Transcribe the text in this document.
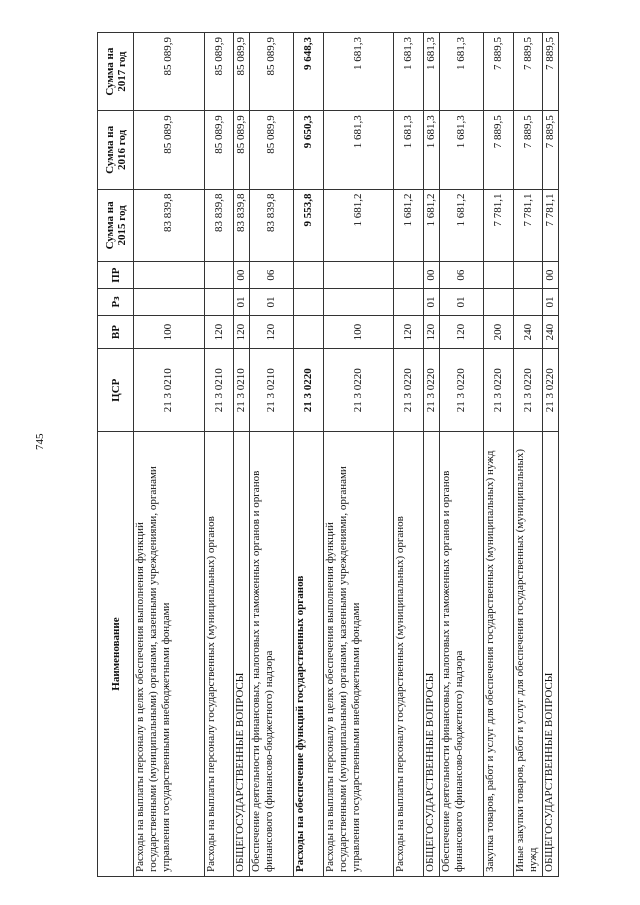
745
Наименование	ЦСР	ВР	Рз	ПР	Сумма на 2015 год	Сумма на 2016 год	Сумма на 2017 год
Расходы на выплаты персоналу в целях обеспечения выполнения функций государственными (муниципальными) органами, казенными учреждениями, органами управления государственными внебюджетными фондами	21 3 0210	100			83 839,8	85 089,9	85 089,9
Расходы на выплаты персоналу государственных (муниципальных) органов	21 3 0210	120			83 839,8	85 089,9	85 089,9
ОБЩЕГОСУДАРСТВЕННЫЕ ВОПРОСЫ	21 3 0210	120	01	00	83 839,8	85 089,9	85 089,9
Обеспечение деятельности финансовых, налоговых и таможенных органов и органов финансового (финансово-бюджетного) надзора	21 3 0210	120	01	06	83 839,8	85 089,9	85 089,9
Расходы на обеспечение функций государственных органов	21 3 0220				9 553,8	9 650,3	9 648,3
Расходы на выплаты персоналу в целях обеспечения выполнения функций государственными (муниципальными) органами, казенными учреждениями, органами управления государственными внебюджетными фондами	21 3 0220	100			1 681,2	1 681,3	1 681,3
Расходы на выплаты персоналу государственных (муниципальных) органов	21 3 0220	120			1 681,2	1 681,3	1 681,3
ОБЩЕГОСУДАРСТВЕННЫЕ ВОПРОСЫ	21 3 0220	120	01	00	1 681,2	1 681,3	1 681,3
Обеспечение деятельности финансовых, налоговых и таможенных органов и органов финансового (финансово-бюджетного) надзора	21 3 0220	120	01	06	1 681,2	1 681,3	1 681,3
Закупка товаров, работ и услуг для обеспечения государственных (муниципальных) нужд	21 3 0220	200			7 781,1	7 889,5	7 889,5
Иные закупки товаров, работ и услуг для обеспечения государственных (муниципальных) нужд	21 3 0220	240			7 781,1	7 889,5	7 889,5
ОБЩЕГОСУДАРСТВЕННЫЕ ВОПРОСЫ	21 3 0220	240	01	00	7 781,1	7 889,5	7 889,5
